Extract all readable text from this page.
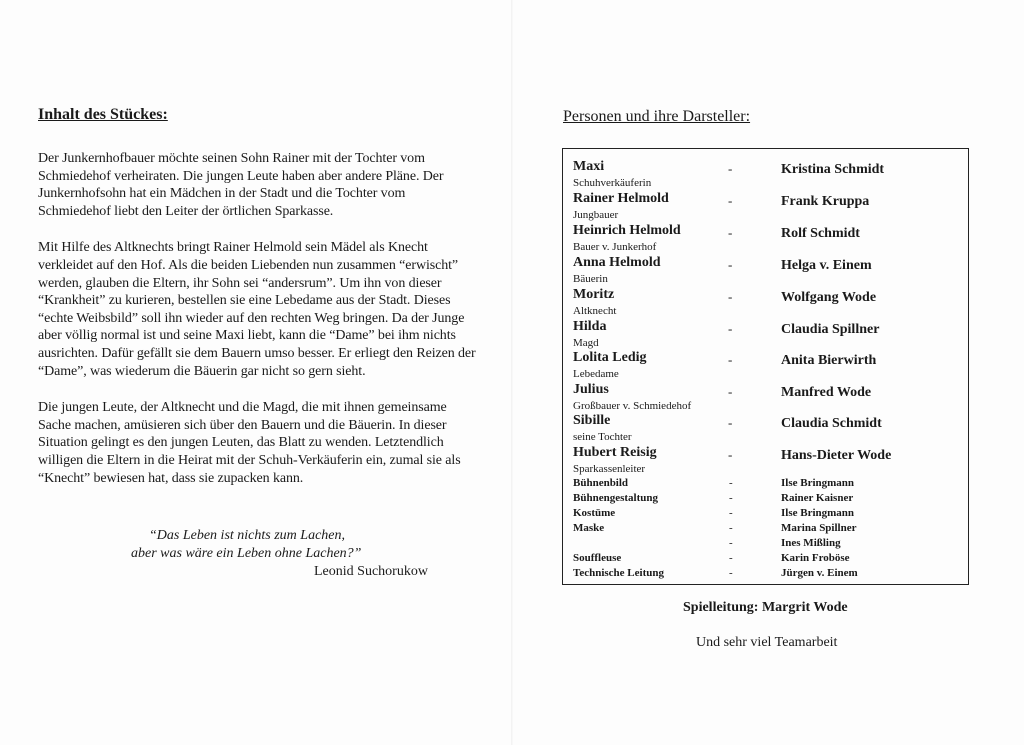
Inhalt des Stückes:

Der Junkernhofbauer möchte seinen Sohn Rainer mit der Tochter vom Schmiedehof verheiraten. Die jungen Leute haben aber andere Pläne. Der Junkernhofsohn hat ein Mädchen in der Stadt und die Tochter vom Schmiedehof liebt den Leiter der örtlichen Sparkasse.

Mit Hilfe des Altknechts bringt Rainer Helmold sein Mädel als Knecht verkleidet auf den Hof. Als die beiden Liebenden nun zusammen “erwischt” werden, glauben die Eltern, ihr Sohn sei “andersrum”. Um ihn von dieser “Krankheit” zu kurieren, bestellen sie eine Lebedame aus der Stadt. Dieses “echte Weibsbild” soll ihn wieder auf den rechten Weg bringen. Da der Junge aber völlig normal ist und seine Maxi liebt, kann die “Dame” bei ihm nichts ausrichten. Dafür gefällt sie dem Bauern umso besser. Er erliegt den Reizen der “Dame”, was wiederum die Bäuerin gar nicht so gern sieht.

Die jungen Leute, der Altknecht und die Magd, die mit ihnen gemeinsame Sache machen, amüsieren sich über den Bauern und die Bäuerin. In dieser Situation gelingt es den jungen Leuten, das Blatt zu wenden. Letztendlich willigen die Eltern in die Heirat mit der Schuh-Verkäuferin ein, zumal sie als “Knecht” bewiesen hat, dass sie zupacken kann.

“Das Leben ist nichts zum Lachen,
aber was wäre ein Leben ohne Lachen?”
Leonid Suchorukow
Personen und ihre Darsteller:
Maxi
Schuhverkäuferin
-	Kristina Schmidt
Rainer Helmold
Jungbauer
-	Frank Kruppa
Heinrich Helmold
Bauer v. Junkerhof
-	Rolf Schmidt
Anna Helmold
Bäuerin
-	Helga v. Einem
Moritz
Altknecht
-	Wolfgang Wode
Hilda
Magd
-	Claudia Spillner
Lolita Ledig
Lebedame
-	Anita Bierwirth
Julius
Großbauer v. Schmiedehof
-	Manfred Wode
Sibille
seine Tochter
-	Claudia Schmidt
Hubert Reisig
Sparkassenleiter
-	Hans-Dieter Wode
Bühnenbild	-	Ilse Bringmann
Bühnengestaltung	-	Rainer Kaisner
Kostüme	-	Ilse Bringmann
Maske	-	Marina Spillner
-	Ines Mißling
Souffleuse	-	Karin Froböse
Technische Leitung	-	Jürgen v. Einem
Spielleitung: Margrit Wode
Und sehr viel Teamarbeit
